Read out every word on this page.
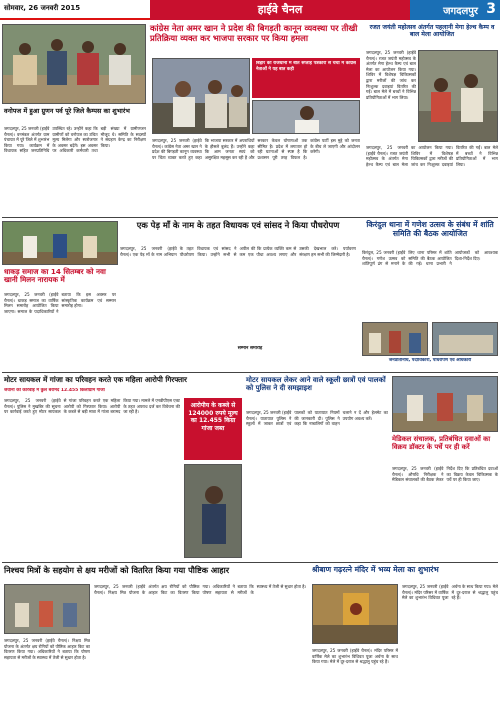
सोमवार, 26 जनवरी 2015	हाईवे चैनल	जगदलपुर 3
कांग्रेस नेता अमर खान ने प्रदेश की बिगड़ती कानून व्यवस्था पर तीखी प्रतिक्रिया व्यक्त कर भाजपा सरकार पर किया हमला
बिहार की राजधानी में बीते सप्ताह पत्रकारों से चर्चा में कांग्रेस नेताओं ने यह बात कही
जगदलपुर, 25 जनवरी (हाईवे चैनल)। कांग्रेस नेता अमर खान ने प्रदेश की बिगड़ती कानून व्यवस्था पर चिंता व्यक्त करते हुए कहा कि भाजपा सरकार में अपराधियों के हौसले बुलंद हैं। उन्होंने कहा कि आम जनता स्वयं को असुरक्षित महसूस कर रही है और सरकार केवल घोषणाओं तक सीमित है। प्रदेश में लगातार हो रही घटनाओं से स्पष्ट है कि प्रशासन पूरी तरह विफल है। कांग्रेस पार्टी इस मुद्दे को जनता के बीच ले जाएगी और आंदोलन करेगी।
वनोपज में हुआ ग्रुणन पर्व पूरे जिले कैम्पस का शुभारंभ
जगदलपुर, 25 जनवरी (हाईवे चैनल)। वनमंडल अंतर्गत ग्राम पंचायत में पूरे जिले में शुभारंभ किया गया। कार्यक्रम में विधायक सहित जनप्रतिनिधि उपस्थित रहे। उन्होंने कहा कि ग्रामीणों को वनोपज का उचित मूल्य मिलेगा और स्वरोजगार के अवसर बढ़ेंगे। इस अवसर पर अधिकारी कर्मचारी तथा बड़ी संख्या में ग्रामीणजन मौजूद थे। समिति के सदस्यों ने संग्रहण केन्द्र का निरीक्षण किया।
रजत जयंती महोत्सव अंतर्गत पहलानी मेगा हेल्थ कैम्प व बाल मेला आयोजित
जगदलपुर, 25 जनवरी (हाईवे चैनल)। रजत जयंती महोत्सव के अंतर्गत मेगा हेल्थ कैम्प एवं बाल मेला का आयोजन किया गया। शिविर में विशेषज्ञ चिकित्सकों द्वारा मरीजों की जांच कर निःशुल्क दवाइयां वितरित की गईं। बाल मेले में बच्चों ने विभिन्न प्रतियोगिताओं में भाग लिया।
जगदलपुर, 25 जनवरी (हाईवे चैनल)। रजत जयंती महोत्सव के अंतर्गत मेगा हेल्थ कैम्प एवं बाल मेला का आयोजन किया गया। शिविर में विशेषज्ञ चिकित्सकों द्वारा मरीजों की जांच कर निःशुल्क दवाइयां वितरित की गईं। बाल मेले में बच्चों ने विभिन्न प्रतियोगिताओं में भाग लिया।
एक पेड़ माँ के नाम के तहत विधायक एवं सांसद ने किया पौधरोपण
जगदलपुर, 25 जनवरी (हाईवे चैनल)। एक पेड़ माँ के नाम अभियान के तहत विधायक एवं सांसद ने पौधरोपण किया। उन्होंने सभी से अपील की कि प्रत्येक व्यक्ति कम से कम एक पौधा अवश्य लगाए और उसकी देखभाल करे। पर्यावरण संरक्षण हम सभी की जिम्मेदारी है।
सम्मान समारोह
धाकड़ समाज का 14 सितम्बर को नवा खानी मिलन नारायक में
जगदलपुर, 25 जनवरी (हाईवे चैनल)। धाकड़ समाज का वार्षिक मिलन समारोह आयोजित किया जाएगा। समाज के पदाधिकारियों ने बताया कि इस अवसर पर सांस्कृतिक कार्यक्रम एवं सम्मान समारोह होगा।
किरंदुल थाना में गणेश उत्सव के संबंध में शांति समिति की बैठक आयोजित
किरंदुल, 25 जनवरी (हाईवे चैनल)। गणेश उत्सव को शांतिपूर्ण ढंग से मनाने के लिए थाना परिसर में शांति समिति की बैठक आयोजित की गई। थाना प्रभारी ने आयोजकों को आवश्यक दिशा-निर्देश दिए।
जनप्रतिनिधि, पदाधिकारी, पौधरोपण एवं अधिकारी
मोटर सायकल में गांजा का परिवहन करते एक महिला आरोपी गिरफ्तार
जवानों की कार्रवाई में कुल बरामद 12.455 किलोग्राम गांजा
जगदलपुर, 25 जनवरी (हाईवे चैनल)। पुलिस ने मुखबिर की सूचना पर कार्रवाई करते हुए मोटर सायकल से गांजा परिवहन करते एक महिला आरोपी को गिरफ्तार किया। आरोपी के कब्जे से बड़ी मात्रा में गांजा बरामद किया गया। मामले में एनडीपीएस एक्ट के तहत अपराध दर्ज कर विवेचना की जा रही है।
आरोपीय के कब्जे से 124000 रुपये मूल्य का 12.455 किग्रा गांजा जब्त
मोटर सायकल लेकर आने वाले स्कूली छात्रों एवं पालकों को पुलिस ने दी समझाइश
जगदलपुर, 25 जनवरी (हाईवे चैनल)। यातायात पुलिस ने स्कूलों में जाकर छात्रों एवं पालकों को यातायात नियमों की जानकारी दी। पुलिस ने कहा कि नाबालिगों को वाहन चलाने न दें और हेलमेट का उपयोग अवश्य करें।
मेडिकल संचालक, प्रतिबंधित दवाओं का विक्रय डॉक्टर के पर्चे पर ही करें
जगदलपुर, 25 जनवरी (हाईवे चैनल)। औषधि निरीक्षक ने मेडिकल संचालकों की बैठक लेकर निर्देश दिए कि प्रतिबंधित दवाओं का विक्रय केवल चिकित्सक के पर्चे पर ही किया जाए।
निश्चय मित्रों के सहयोग से क्षय मरीजों को वितरित किया गया पौष्टिक आहार
जगदलपुर, 25 जनवरी (हाईवे चैनल)। निक्षय मित्र योजना के अंतर्गत क्षय रोगियों को पौष्टिक आहार किट का वितरण किया गया। अधिकारियों ने बताया कि पोषण सहायता से मरीजों के स्वास्थ्य में तेजी से सुधार होता है।
जगदलपुर, 25 जनवरी (हाईवे चैनल)। निक्षय मित्र योजना के अंतर्गत क्षय रोगियों को पौष्टिक आहार किट का वितरण किया गया। अधिकारियों ने बताया कि पोषण सहायता से मरीजों के स्वास्थ्य में तेजी से सुधार होता है।
श्रीबाण गढ़रत्ने मंदिर में भव्य मेला का शुभारंभ
जगदलपुर, 25 जनवरी (हाईवे चैनल)। मंदिर परिसर में वार्षिक मेले का शुभारंभ विधिवत पूजा अर्चना के साथ किया गया। मेले में दूर-दराज से श्रद्धालु पहुंच रहे हैं।
जगदलपुर, 25 जनवरी (हाईवे चैनल)। मंदिर परिसर में वार्षिक मेले का शुभारंभ विधिवत पूजा अर्चना के साथ किया गया। मेले में दूर-दराज से श्रद्धालु पहुंच रहे हैं।
